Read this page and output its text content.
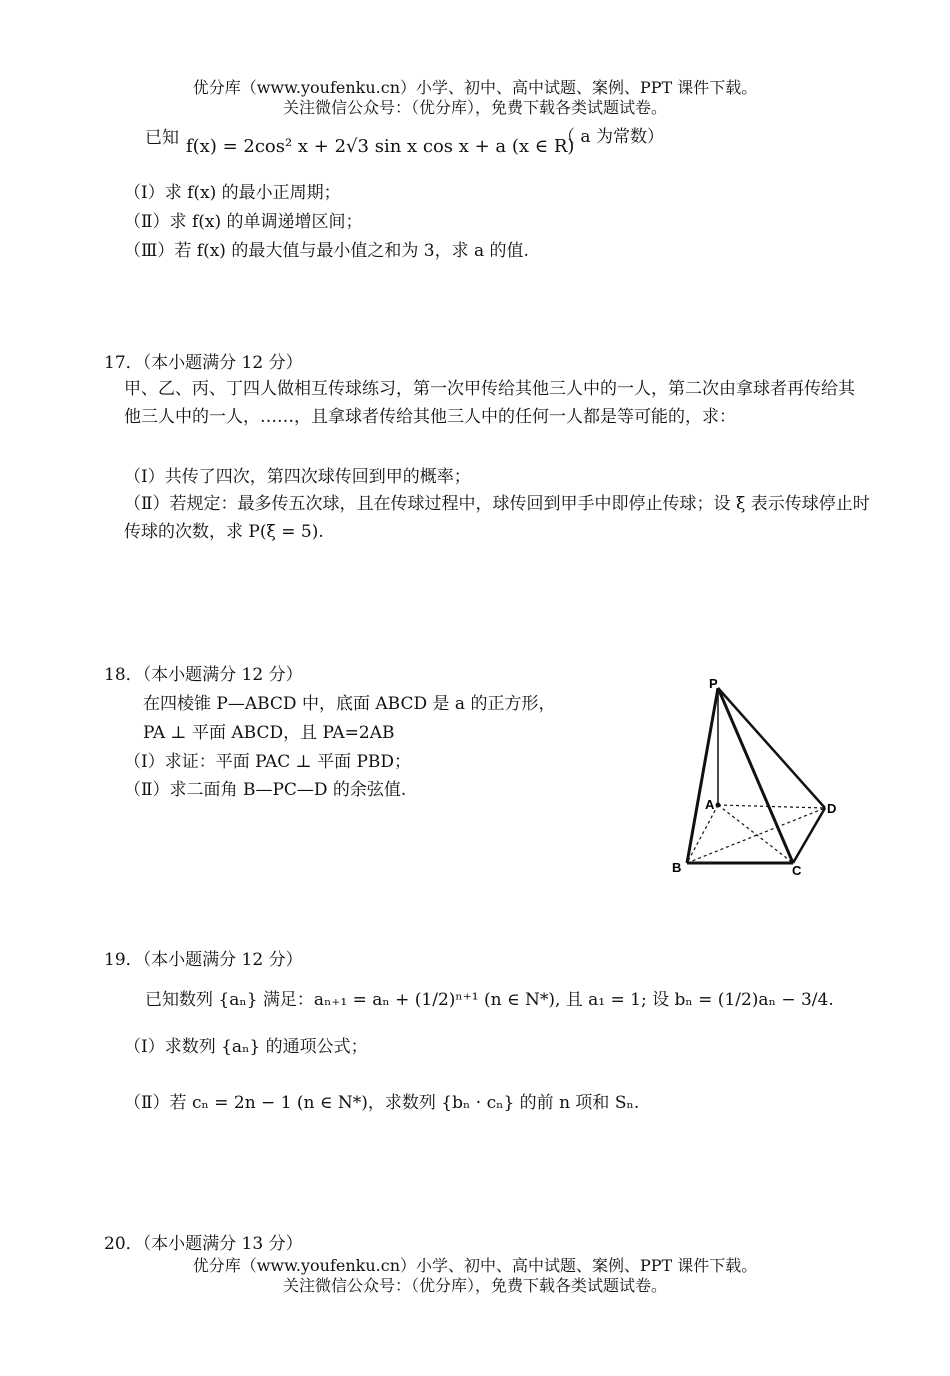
优分库（www.youfenku.cn）小学、初中、高中试题、案例、PPT 课件下载。
关注微信公众号：（优分库），免费下载各类试题试卷。
已知 f(x) = 2cos² x + 2√3 sin x cos x + a (x ∈ R)
（ a 为常数）
（Ⅰ）求 f(x) 的最小正周期；
（Ⅱ）求 f(x) 的单调递增区间；
（Ⅲ）若 f(x) 的最大值与最小值之和为 3，求 a 的值.
17．（本小题满分 12 分）
甲、乙、丙、丁四人做相互传球练习，第一次甲传给其他三人中的一人，第二次由拿球者再传给其他三人中的一人，……，且拿球者传给其他三人中的任何一人都是等可能的，求：
（Ⅰ）共传了四次，第四次球传回到甲的概率；
（Ⅱ）若规定：最多传五次球，且在传球过程中，球传回到甲手中即停止传球；设 ξ 表示传球停止时传球的次数，求 P(ξ = 5).
18．（本小题满分 12 分）
在四棱锥 P—ABCD 中，底面 ABCD 是 a 的正方形，
PA ⊥ 平面 ABCD，且 PA=2AB
（Ⅰ）求证：平面 PAC ⊥ 平面 PBD；
（Ⅱ）求二面角 B—PC—D 的余弦值.
P
A
B	C
D
19．（本小题满分 12 分）
已知数列 {aₙ} 满足：aₙ₊₁ = aₙ + (1/2)ⁿ⁺¹ (n ∈ N*), 且 a₁ = 1; 设 bₙ = (1/2)aₙ − 3/4.
（Ⅰ）求数列 {aₙ} 的通项公式；
（Ⅱ）若 cₙ = 2n − 1 (n ∈ N*)，求数列 {bₙ · cₙ} 的前 n 项和 Sₙ.
20．（本小题满分 13 分）
优分库（www.youfenku.cn）小学、初中、高中试题、案例、PPT 课件下载。
关注微信公众号：（优分库），免费下载各类试题试卷。
